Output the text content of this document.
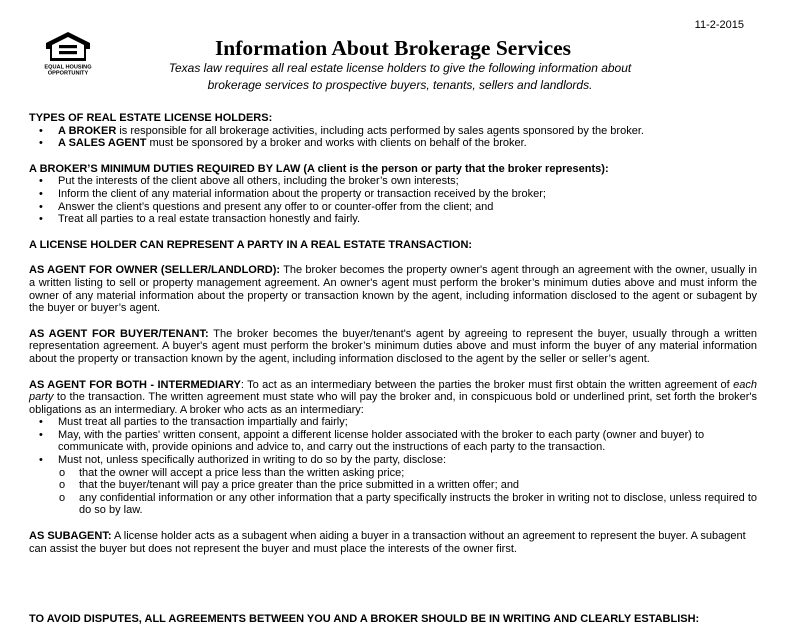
11-2-2015
EQUAL HOUSING
OPPORTUNITY
Information About Brokerage Services
Texas law requires all real estate license holders to give the following information about
brokerage services to prospective buyers, tenants, sellers and landlords.
TYPES OF REAL ESTATE LICENSE HOLDERS:
• A BROKER is responsible for all brokerage activities, including acts performed by sales agents sponsored by the broker.
• A SALES AGENT must be sponsored by a broker and works with clients on behalf of the broker.
A BROKER’S MINIMUM DUTIES REQUIRED BY LAW (A client is the person or party that the broker represents):
• Put the interests of the client above all others, including the broker’s own interests;
• Inform the client of any material information about the property or transaction received by the broker;
• Answer the client’s questions and present any offer to or counter-offer from the client; and
• Treat all parties to a real estate transaction honestly and fairly.
A LICENSE HOLDER CAN REPRESENT A PARTY IN A REAL ESTATE TRANSACTION:

AS AGENT FOR OWNER (SELLER/LANDLORD): The broker becomes the property owner's agent through an agreement with the owner, usually in a written listing to sell or property management agreement. An owner's agent must perform the broker’s minimum duties above and must inform the owner of any material information about the property or transaction known by the agent, including information disclosed to the agent or subagent by the buyer or buyer’s agent.

AS AGENT FOR BUYER/TENANT: The broker becomes the buyer/tenant's agent by agreeing to represent the buyer, usually through a written representation agreement. A buyer's agent must perform the broker’s minimum duties above and must inform the buyer of any material information about the property or transaction known by the agent, including information disclosed to the agent by the seller or seller’s agent.

AS AGENT FOR BOTH - INTERMEDIARY: To act as an intermediary between the parties the broker must first obtain the written agreement of each party to the transaction. The written agreement must state who will pay the broker and, in conspicuous bold or underlined print, set forth the broker's obligations as an intermediary. A broker who acts as an intermediary:

• Must treat all parties to the transaction impartially and fairly;
• May, with the parties' written consent, appoint a different license holder associated with the broker to each party (owner and buyer) to communicate with, provide opinions and advice to, and carry out the instructions of each party to the transaction.
• Must not, unless specifically authorized in writing to do so by the party, disclose:
o that the owner will accept a price less than the written asking price;
o that the buyer/tenant will pay a price greater than the price submitted in a written offer; and
o any confidential information or any other information that a party specifically instructs the broker in writing not to disclose, unless required to do so by law.

AS SUBAGENT: A license holder acts as a subagent when aiding a buyer in a transaction without an agreement to represent the buyer. A subagent can assist the buyer but does not represent the buyer and must place the interests of the owner first.

TO AVOID DISPUTES, ALL AGREEMENTS BETWEEN YOU AND A BROKER SHOULD BE IN WRITING AND CLEARLY ESTABLISH:
